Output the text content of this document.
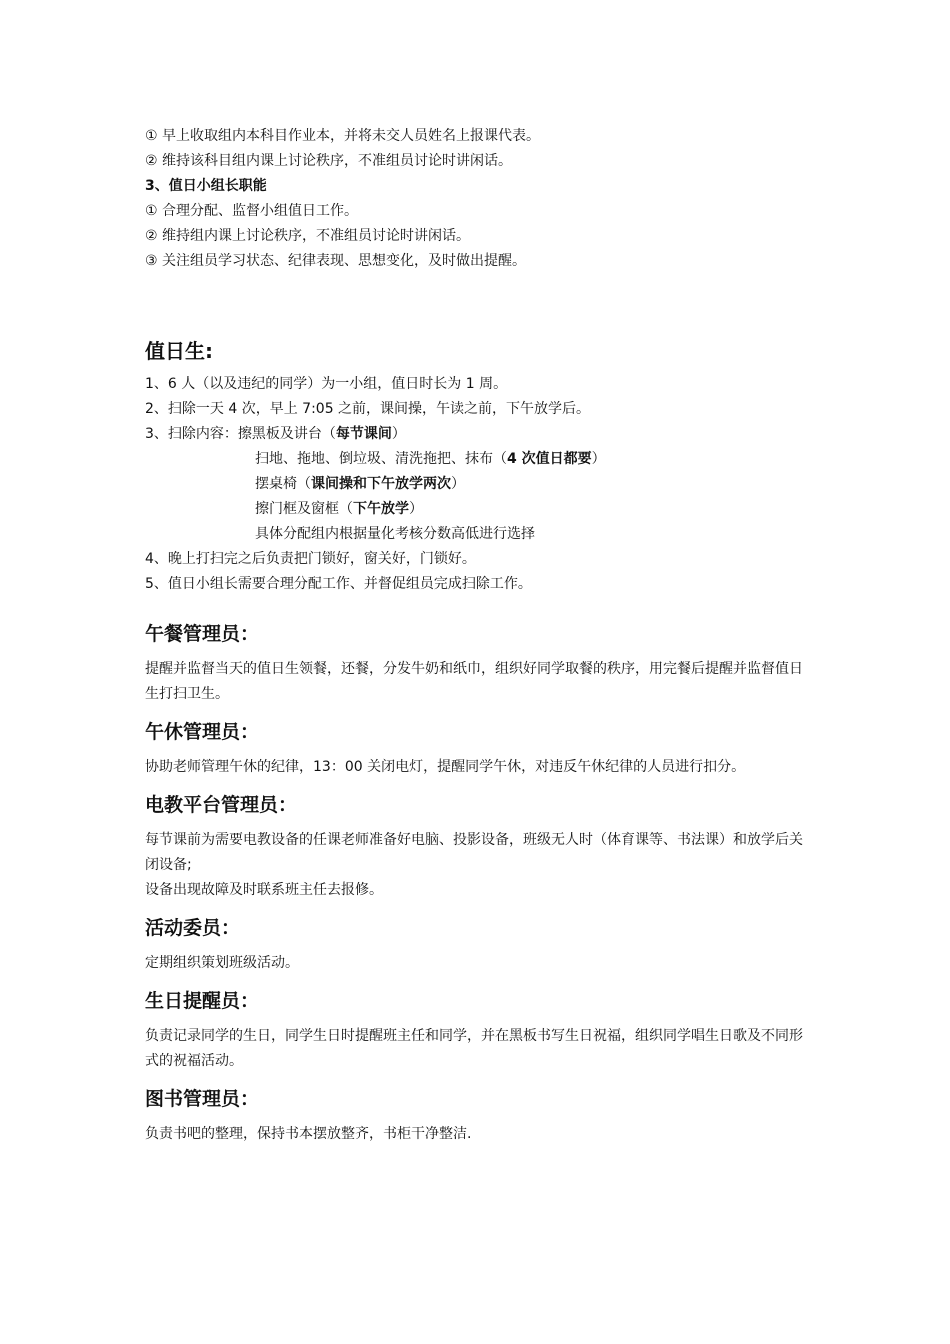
① 早上收取组内本科目作业本，并将未交人员姓名上报课代表。
② 维持该科目组内课上讨论秩序，不准组员讨论时讲闲话。
3、值日小组长职能
① 合理分配、监督小组值日工作。
② 维持组内课上讨论秩序，不准组员讨论时讲闲话。
③ 关注组员学习状态、纪律表现、思想变化，及时做出提醒。
值日生:
1、6 人（以及违纪的同学）为一小组，值日时长为 1 周。
2、扫除一天 4 次，早上 7:05 之前，课间操，午读之前，下午放学后。
3、扫除内容：擦黑板及讲台（每节课间）
扫地、拖地、倒垃圾、清洗拖把、抹布（4 次值日都要）
摆桌椅（课间操和下午放学两次）
擦门框及窗框（下午放学）
具体分配组内根据量化考核分数高低进行选择
4、晚上打扫完之后负责把门锁好，窗关好，门锁好。
5、值日小组长需要合理分配工作、并督促组员完成扫除工作。
午餐管理员：
提醒并监督当天的值日生领餐，还餐，分发牛奶和纸巾，组织好同学取餐的秩序，用完餐后提醒并监督值日生打扫卫生。
午休管理员：
协助老师管理午休的纪律，13：00 关闭电灯，提醒同学午休，对违反午休纪律的人员进行扣分。
电教平台管理员：
每节课前为需要电教设备的任课老师准备好电脑、投影设备，班级无人时（体育课等、书法课）和放学后关闭设备;
设备出现故障及时联系班主任去报修。
活动委员：
定期组织策划班级活动。
生日提醒员：
负责记录同学的生日，同学生日时提醒班主任和同学，并在黑板书写生日祝福，组织同学唱生日歌及不同形式的祝福活动。
图书管理员：
负责书吧的整理，保持书本摆放整齐，书柜干净整洁.
